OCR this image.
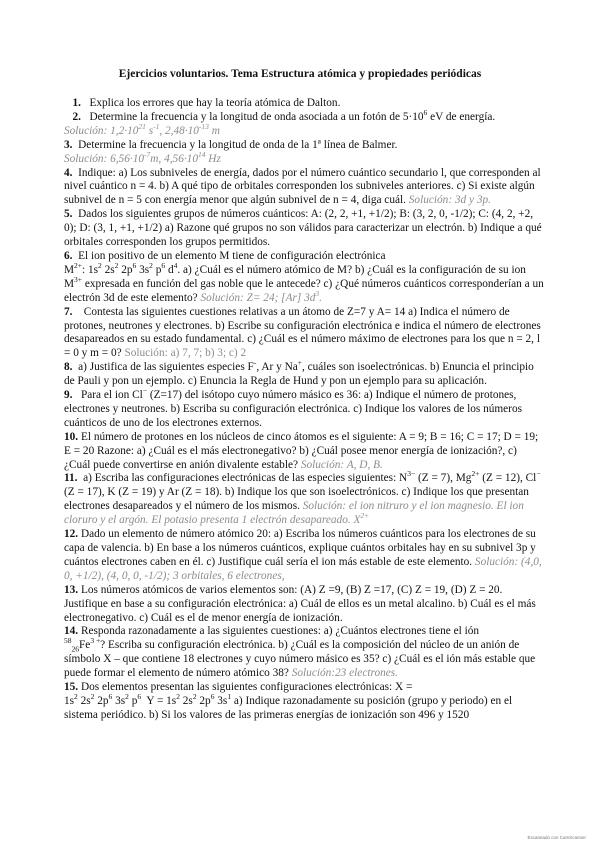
Ejercicios voluntarios. Tema Estructura atómica y propiedades periódicas

1. Explica los errores que hay la teoría atómica de Dalton.

2. Determine la frecuencia y la longitud de onda asociada a un fotón de $5\cdot 10^6$ eV de energía.
Solución: $1,2\cdot 10^{21}$ $s^{-1}$, $2,48\cdot 10^{-13}$ m

3. Determine la frecuencia y la longitud de onda de la 1ª línea de Balmer.
Solución: $6,56\cdot 10^{-7}m$, $4,56\cdot 10^{14}$ Hz

4. Indique: a) Los subniveles de energía, dados por el número cuántico secundario l, que corresponden al nivel cuántico n = 4. b) A qué tipo de orbitales corresponden los subniveles anteriores. c) Si existe algún subnivel de n = 5 con energía menor que algún subnivel de n = 4, diga cuál. Solución: 3d y 3p.

5. Dados los siguientes grupos de números cuánticos: A: (2, 2, +1, +1/2); B: (3, 2, 0, -1/2); C: (4, 2, +2, 0); D: (3, 1, +1, +1/2) a) Razone qué grupos no son válidos para caracterizar un electrón. b) Indique a qué orbitales corresponden los grupos permitidos.

6. El ion positivo de un elemento M tiene de configuración electrónica
$M^{2+}$: $1s^2$ $2s^2$ $2p^6$ $3s^2$ $p^6$ $d^4$. a) ¿Cuál es el número atómico de M? b) ¿Cuál es la configuración de su ion $M^{3+}$ expresada en función del gas noble que le antecede? c) ¿Qué números cuánticos corresponderían a un electrón 3d de este elemento? Solución: Z= 24; [Ar] $3d^3$.

7. Contesta las siguientes cuestiones relativas a un átomo de Z=7 y A= 14 a) Indica el número de protones, neutrones y electrones. b) Escribe su configuración electrónica e indica el número de electrones desapareados en su estado fundamental. c) ¿Cuál es el número máximo de electrones para los que n = 2, l = 0 y m = 0? Solución: a) 7, 7; b) 3; c) 2

8. a) Justifica de las siguientes especies F-, Ar y Na+, cuáles son isoelectrónicas. b) Enuncia el principio de Pauli y pon un ejemplo. c) Enuncia la Regla de Hund y pon un ejemplo para su aplicación.

9. Para el ion Cl− (Z=17) del isótopo cuyo número másico es 36: a) Indique el número de protones, electrones y neutrones. b) Escriba su configuración electrónica. c) Indique los valores de los números cuánticos de uno de los electrones externos.

10. El número de protones en los núcleos de cinco átomos es el siguiente: A = 9; B = 16; C = 17; D = 19; E = 20 Razone: a) ¿Cuál es el más electronegativo? b) ¿Cuál posee menor energía de ionización?, c) ¿Cuál puede convertirse en anión divalente estable? Solución: A, D, B.

11. a) Escriba las configuraciones electrónicas de las especies siguientes: $N^{3-}$ (Z = 7), $Mg^{2+}$ (Z = 12), Cl− (Z = 17), K (Z = 19) y Ar (Z = 18). b) Indique los que son isoelectrónicos. c) Indique los que presentan electrones desapareados y el número de los mismos. Solución: el ion nitruro y el ion magnesio. El ion cloruro y el argón. El potasio presenta 1 electrón desapareado. $X^{2+}$

12. Dado un elemento de número atómico 20: a) Escriba los números cuánticos para los electrones de su capa de valencia. b) En base a los números cuánticos, explique cuántos orbitales hay en su subnivel 3p y cuántos electrones caben en él. c) Justifique cuál sería el ion más estable de este elemento. Solución: (4,0, 0, +1/2), (4, 0, 0, -1/2); 3 orbitales, 6 electrones,

13. Los números atómicos de varios elementos son: (A) Z =9, (B) Z =17, (C) Z = 19, (D) Z = 20. Justifique en base a su configuración electrónica: a) Cuál de ellos es un metal alcalino. b) Cuál es el más electronegativo. c) Cuál es el de menor energía de ionización.

14. Responda razonadamente a las siguientes cuestiones: a) ¿Cuántos electrones tiene el ión
$^{58}_{26}Fe^{3 +}$? Escriba su configuración electrónica. b) ¿Cuál es la composición del núcleo de un anión de símbolo X – que contiene 18 electrones y cuyo número másico es 35? c) ¿Cuál es el ión más estable que puede formar el elemento de número atómico 38? Solución:23 electrones.

15. Dos elementos presentan las siguientes configuraciones electrónicas: X =
$1s^2$ $2s^2$ $2p^6$ $3s^2$ $p^6$  $Y = 1s^2$ $2s^2$ $2p^6$ $3s^1$ a) Indique razonadamente su posición (grupo y periodo) en el sistema periódico. b) Si los valores de las primeras energías de ionización son 496 y 1520

Escaneado con CamScanner
